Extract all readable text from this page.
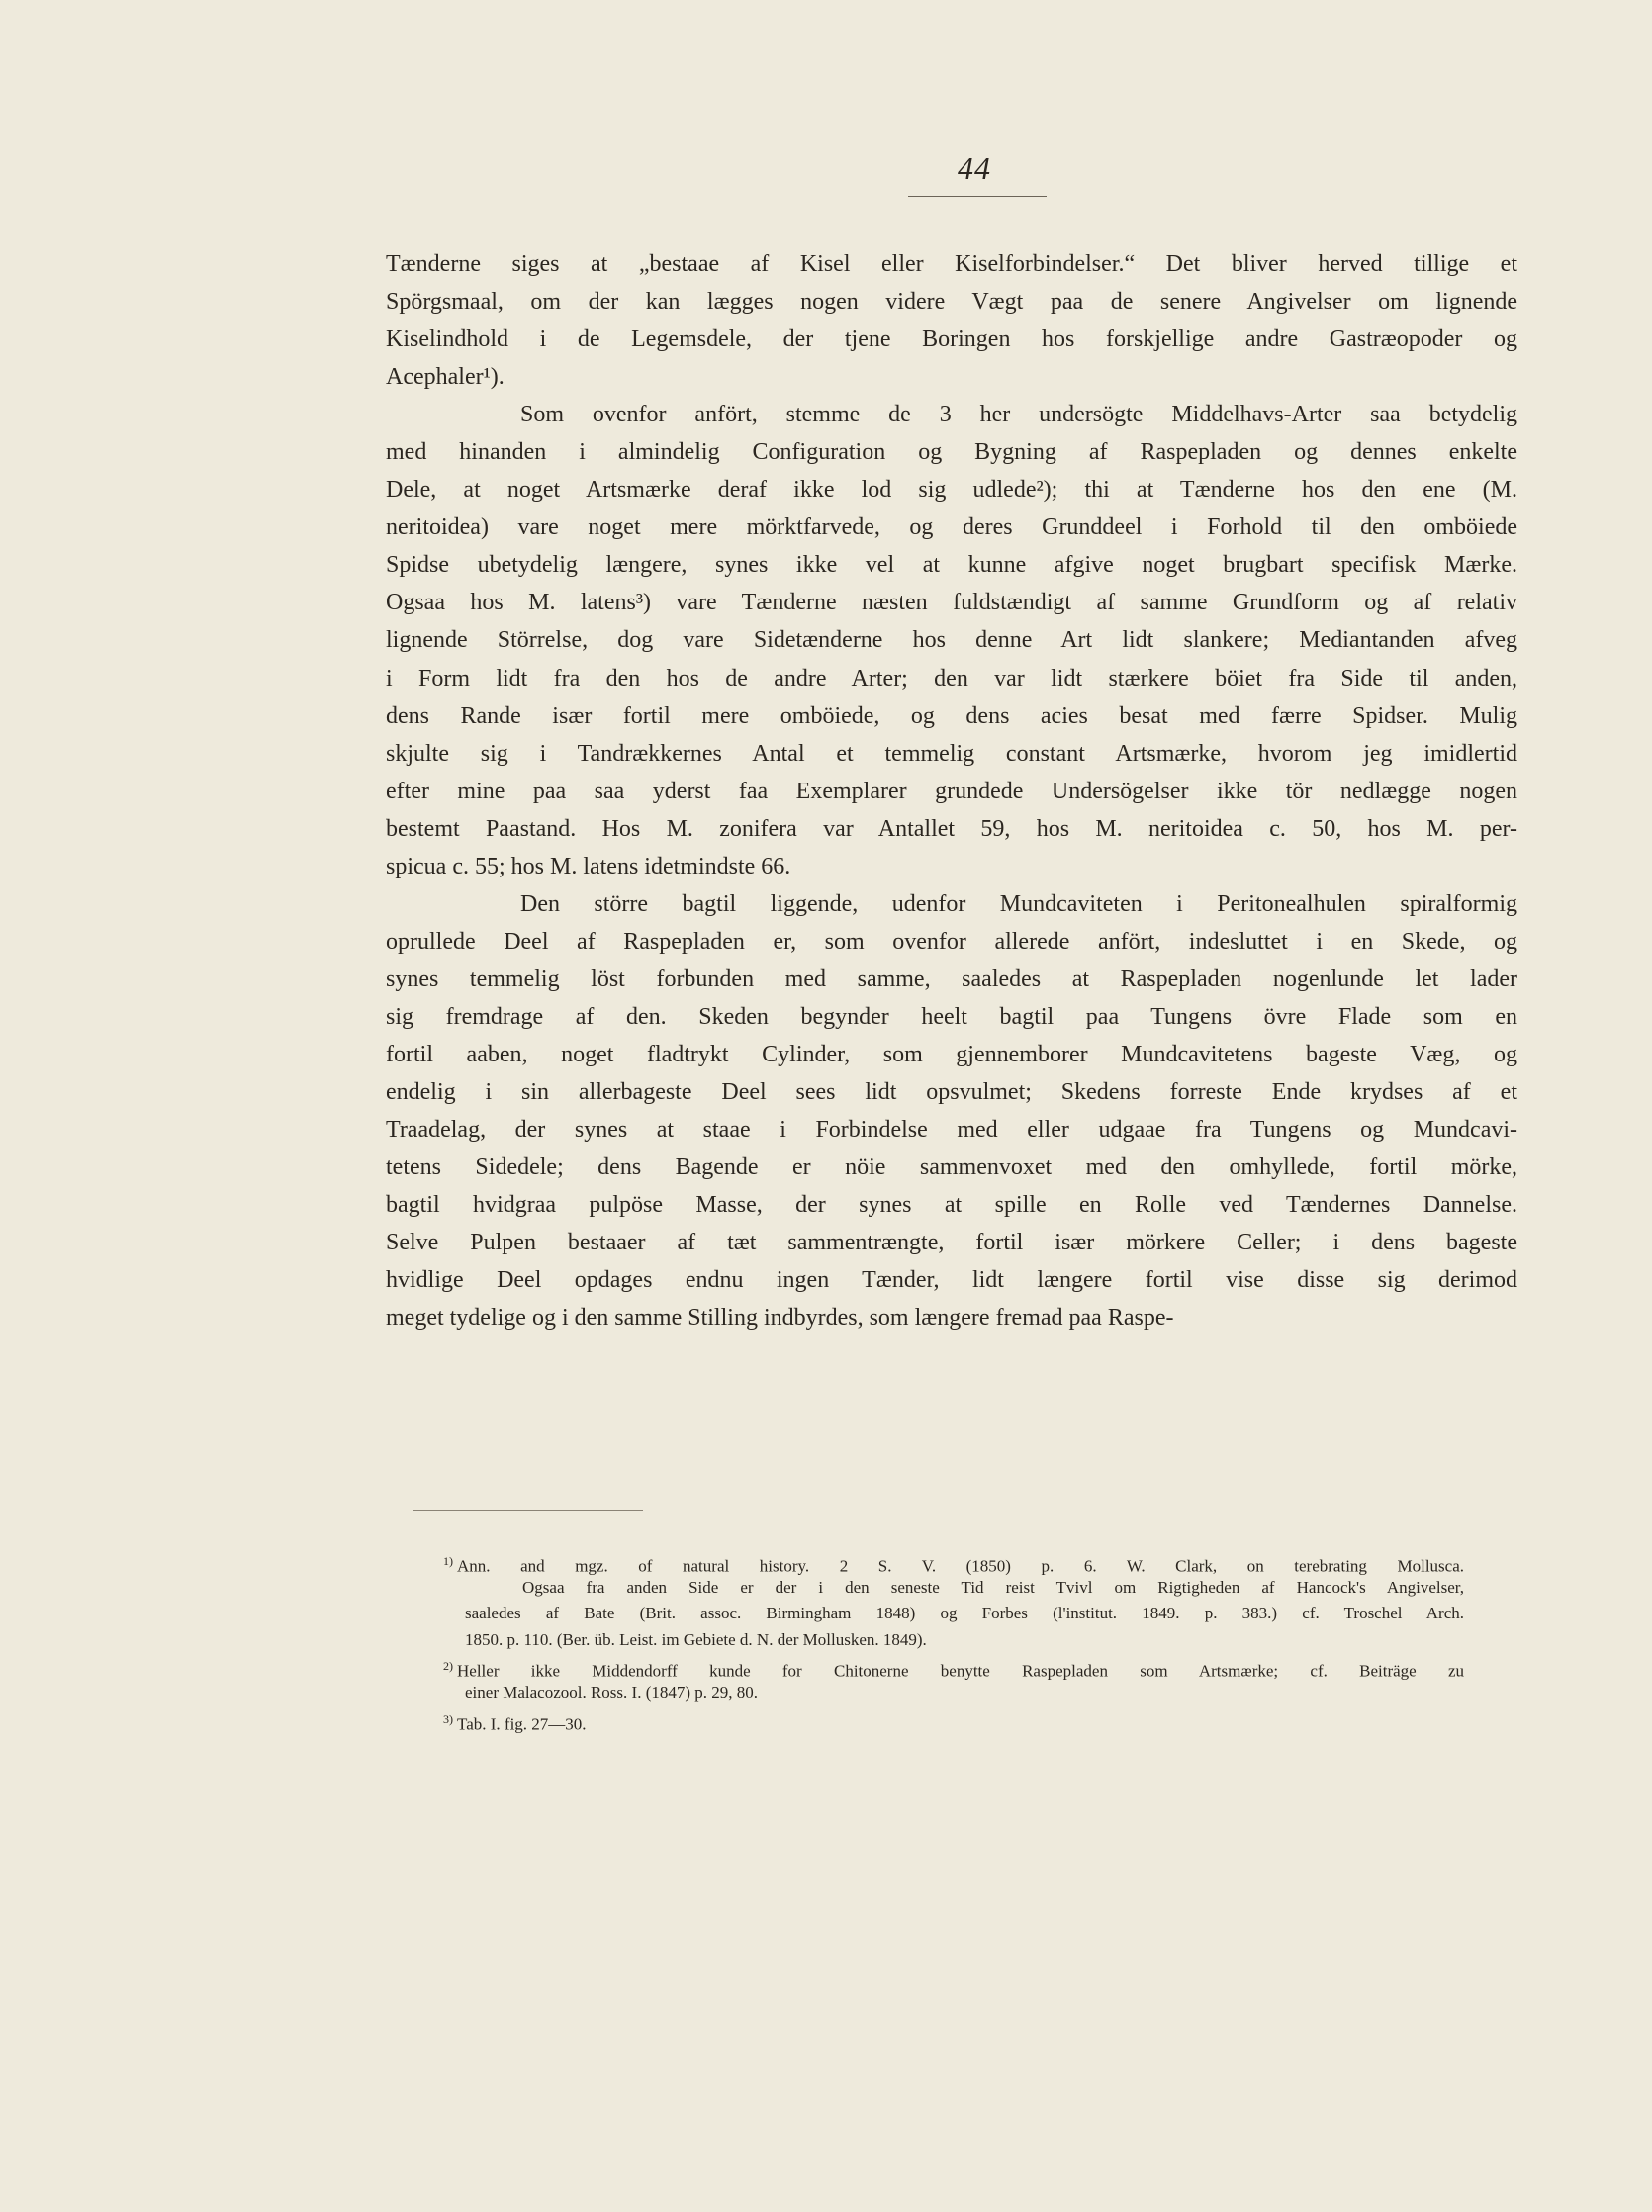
44
Tænderne siges at „bestaae af Kisel eller Kiselforbindelser.“ Det bliver herved tillige et
Spörgsmaal, om der kan lægges nogen videre Vægt paa de senere Angivelser om lignende
Kiselindhold i de Legemsdele, der tjene Boringen hos forskjellige andre Gastræopoder og
Acephaler¹).
Som ovenfor anfört, stemme de 3 her undersögte Middelhavs-Arter saa betydelig
med hinanden i almindelig Configuration og Bygning af Raspepladen og dennes enkelte
Dele, at noget Artsmærke deraf ikke lod sig udlede²); thi at Tænderne hos den ene (M.
neritoidea) vare noget mere mörktfarvede, og deres Grunddeel i Forhold til den omböiede
Spidse ubetydelig længere, synes ikke vel at kunne afgive noget brugbart specifisk Mærke.
Ogsaa hos M. latens³) vare Tænderne næsten fuldstændigt af samme Grundform og af relativ
lignende Störrelse, dog vare Sidetænderne hos denne Art lidt slankere; Mediantanden afveg
i Form lidt fra den hos de andre Arter; den var lidt stærkere böiet fra Side til anden,
dens Rande især fortil mere omböiede, og dens acies besat med færre Spidser. Mulig
skjulte sig i Tandrækkernes Antal et temmelig constant Artsmærke, hvorom jeg imidlertid
efter mine paa saa yderst faa Exemplarer grundede Undersögelser ikke tör nedlægge nogen
bestemt Paastand. Hos M. zonifera var Antallet 59, hos M. neritoidea c. 50, hos M. per-
spicua c. 55; hos M. latens idetmindste 66.
Den större bagtil liggende, udenfor Mundcaviteten i Peritonealhulen spiralformig
oprullede Deel af Raspepladen er, som ovenfor allerede anfört, indesluttet i en Skede, og
synes temmelig löst forbunden med samme, saaledes at Raspepladen nogenlunde let lader
sig fremdrage af den. Skeden begynder heelt bagtil paa Tungens övre Flade som en
fortil aaben, noget fladtrykt Cylinder, som gjennemborer Mundcavitetens bageste Væg, og
endelig i sin allerbageste Deel sees lidt opsvulmet; Skedens forreste Ende krydses af et
Traadelag, der synes at staae i Forbindelse med eller udgaae fra Tungens og Mundcavi-
tetens Sidedele; dens Bagende er nöie sammenvoxet med den omhyllede, fortil mörke,
bagtil hvidgraa pulpöse Masse, der synes at spille en Rolle ved Tændernes Dannelse.
Selve Pulpen bestaaer af tæt sammentrængte, fortil især mörkere Celler; i dens bageste
hvidlige Deel opdages endnu ingen Tænder, lidt længere fortil vise disse sig derimod
meget tydelige og i den samme Stilling indbyrdes, som længere fremad paa Raspe-
$^{1)}$ Ann. and mgz. of natural history. 2 S. V. (1850) p. 6. W. Clark, on terebrating Mollusca.
Ogsaa fra anden Side er der i den seneste Tid reist Tvivl om Rigtigheden af Hancock's Angivelser,
saaledes af Bate (Brit. assoc. Birmingham 1848) og Forbes (l'institut. 1849. p. 383.) cf. Troschel Arch.
1850. p. 110. (Ber. üb. Leist. im Gebiete d. N. der Mollusken. 1849).
$^{2)}$ Heller ikke Middendorff kunde for Chitonerne benytte Raspepladen som Artsmærke; cf. Beiträge zu
einer Malacozool. Ross. I. (1847) p. 29, 80.
$^{3)}$ Tab. I. fig. 27—30.
